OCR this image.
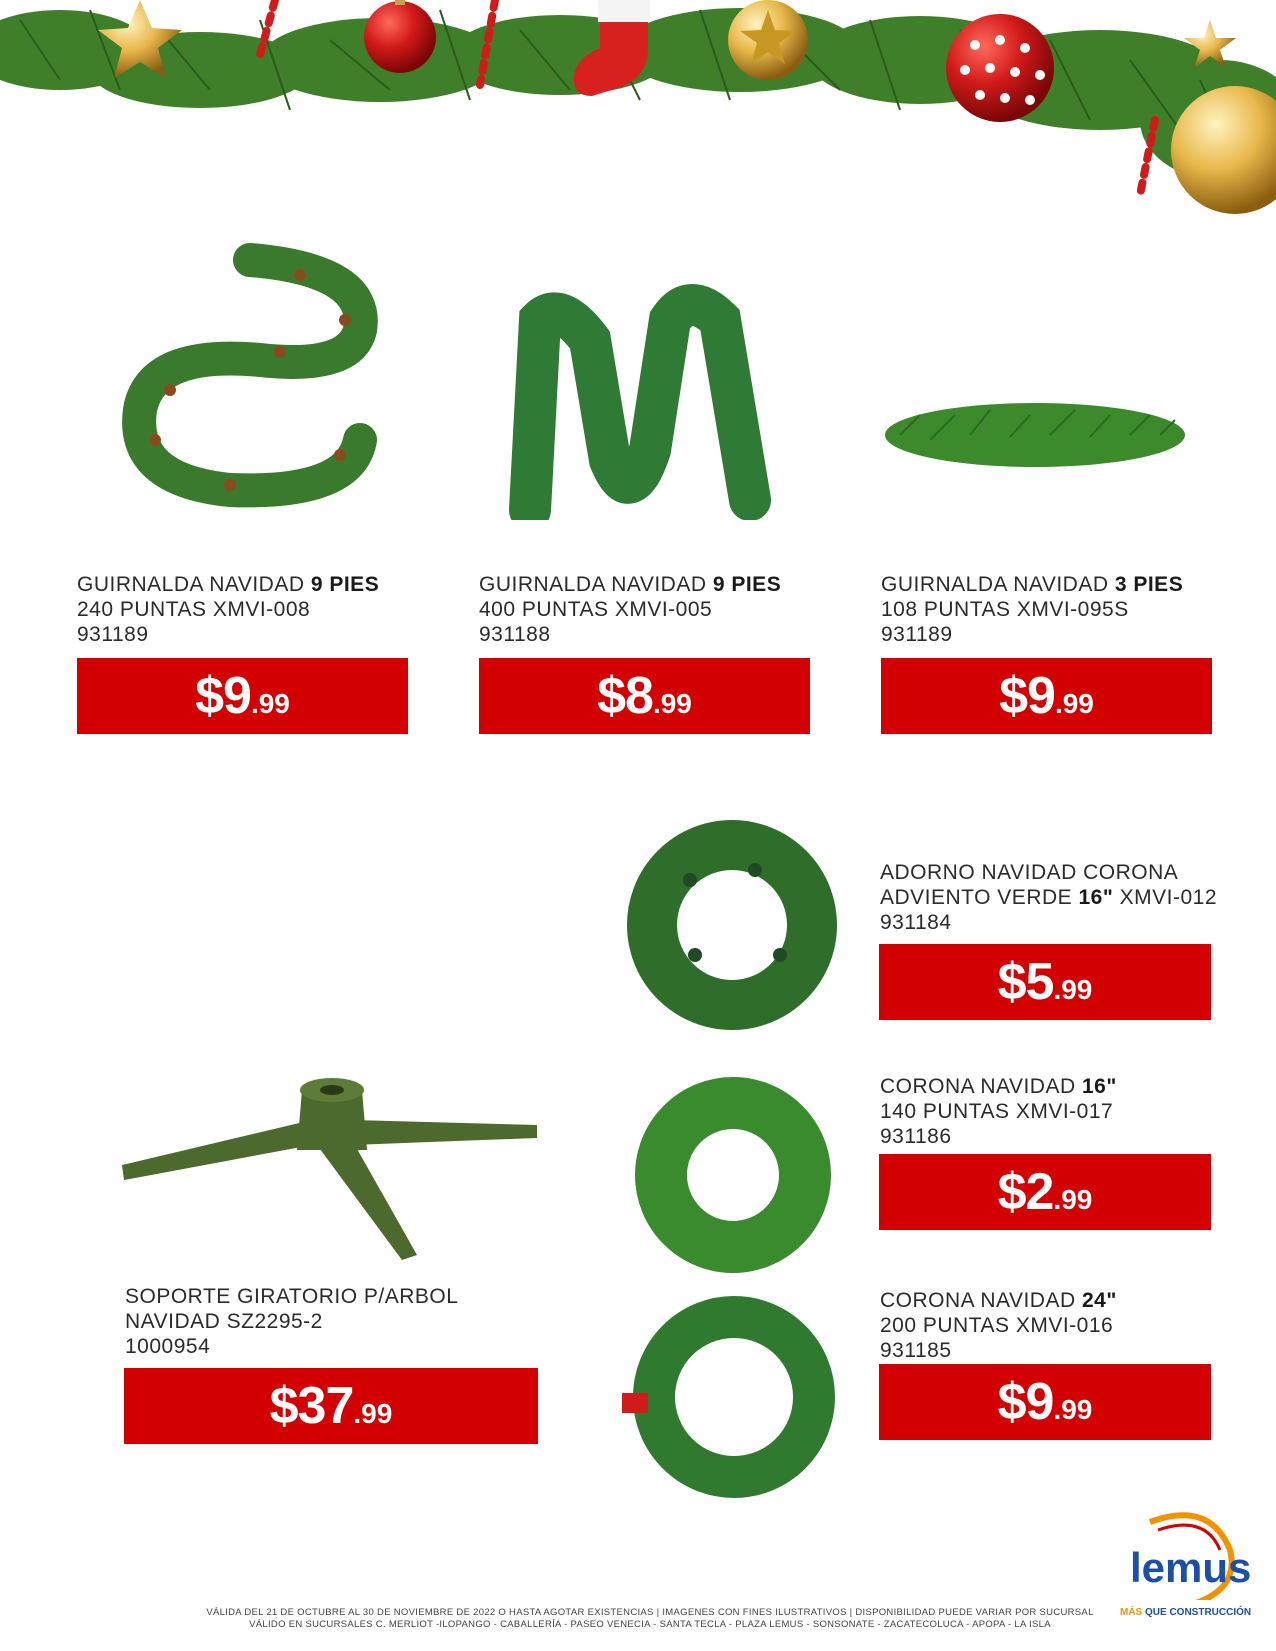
GUIRNALDA NAVIDAD 9 PIES
240 PUNTAS XMVI-008
931189
$9 .99
GUIRNALDA NAVIDAD 9 PIES
400 PUNTAS XMVI-005
931188
$8 .99
GUIRNALDA NAVIDAD 3 PIES
108 PUNTAS XMVI-095S
931189
$9 .99
ADORNO NAVIDAD CORONA
ADVIENTO VERDE 16" XMVI-012
931184
$5 .99
CORONA NAVIDAD 16"
140 PUNTAS XMVI-017
931186
$2 .99
CORONA NAVIDAD 24"
200 PUNTAS XMVI-016
931185
$9 .99
SOPORTE GIRATORIO P/ARBOL
NAVIDAD SZ2295-2
1000954
$37 .99
VÁLIDA DEL 21 DE OCTUBRE AL 30 DE NOVIEMBRE DE 2022 O HASTA AGOTAR EXISTENCIAS | IMAGENES CON FINES ILUSTRATIVOS | DISPONIBILIDAD PUEDE VARIAR POR SUCURSAL
VÁLIDO EN SUCURSALES C. MERLIOT -ILOPANGO - CABALLERÍA - PASEO VENECIA - SANTA TECLA - PLAZA LEMUS - SONSONATE - ZACATECOLUCA - APOPA - LA ISLA
lemus
MÁS QUE CONSTRUCCIÓN
